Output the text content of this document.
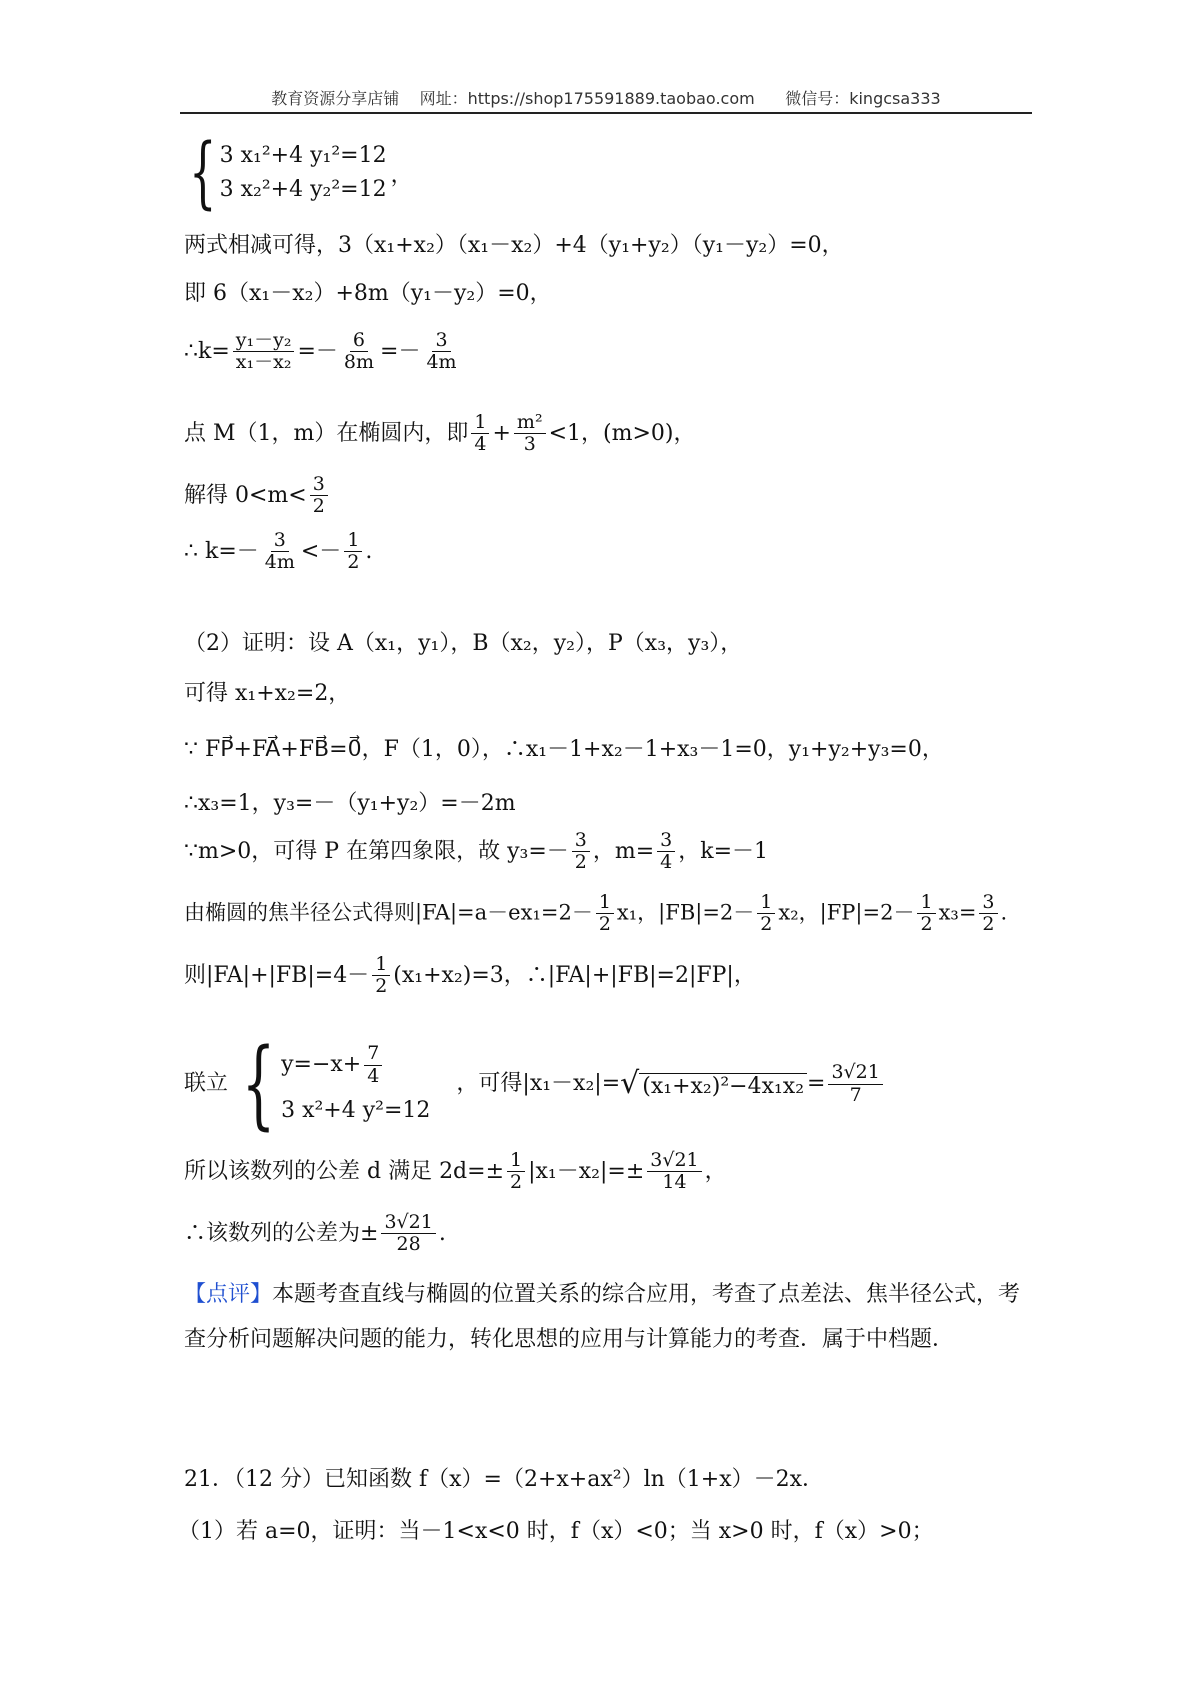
教育资源分享店铺    网址：https://shop175591889.taobao.com      微信号：kingcsa333
{ 3 x₁²+4 y₁²=12
3 x₂²+4 y₂²=12
，
两式相减可得，3（x₁+x₂）（x₁－x₂）+4（y₁+y₂）（y₁－y₂）=0，
即 6（x₁－x₂）+8m（y₁－y₂）=0，
∴k= $\frac{\text{y₁－y₂}}{\text{x₁－x₂}} =- \frac{6}{8m} =- \frac{3}{4m}$
点 M（1，m）在椭圆内，即 $\frac{1}{4} + \frac{\text{m²}}{3} <1$，(m>0)，
解得 $0<m< \frac{3}{2}$
∴ $k=- \frac{3}{4m} <- \frac{1}{2}$ .
（2）证明：设 A（x₁，y₁），B（x₂，y₂），P（x₃，y₃），
可得 x₁+x₂=2，
∵ FP⃗+FA⃗+FB⃗=0⃗，F（1，0），∴x₁－1+x₂－1+x₃－1=0，y₁+y₂+y₃=0，
∴x₃=1，y₃=－（y₁+y₂）=－2m
∵m>0，可得 P 在第四象限，故 $y_3=- \frac{3}{2}$ ，$m= \frac{3}{4}$ ，k=－1
由椭圆的焦半径公式得则$|FA|=a-ex_1=2- \frac{1}{2} x_1$，$|FB|=2- \frac{1}{2} x_2$，$|FP|=2- \frac{1}{2} x_3= \frac{3}{2}$ .
则$|FA|+|FB|=4- \frac{1}{2} (x_1+x_2)=3$，∴|FA|+|FB|=2|FP|，
联立 { $y=-x+ \frac{7}{4}$
3 x²+4 y²=12
，可得|x₁－x₂|= √ $(x_1+x_2)^2-4x_1x_2 = \frac{3√21}{7}$
所以该数列的公差 d 满足 $2d=\pm \frac{1}{2} |x_1-x_2|=\pm \frac{3√21}{14}$ ，
∴该数列的公差为± $\frac{3√21}{28}$ .
【点评】本题考查直线与椭圆的位置关系的综合应用，考查了点差法、焦半径公式，考查分析问题解决问题的能力，转化思想的应用与计算能力的考查．属于中档题．
21．（12 分）已知函数 f（x）=（2+x+ax²）ln（1+x）－2x．
（1）若 a=0，证明：当－1<x<0 时，f（x）<0；当 x>0 时，f（x）>0；
